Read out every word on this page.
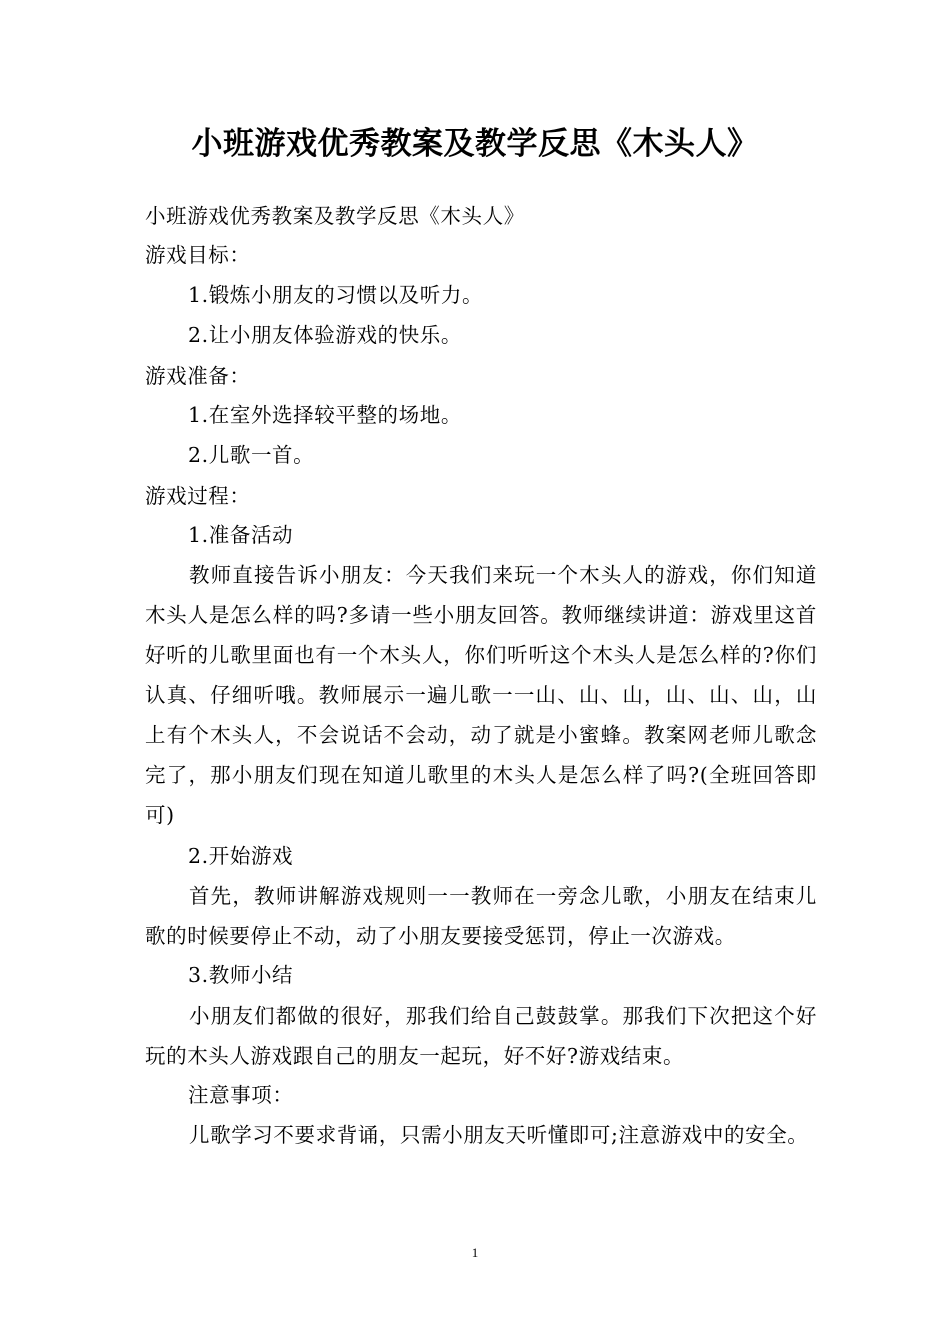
小班游戏优秀教案及教学反思《木头人》
小班游戏优秀教案及教学反思《木头人》
游戏目标：
1.锻炼小朋友的习惯以及听力。
2.让小朋友体验游戏的快乐。
游戏准备：
1.在室外选择较平整的场地。
2.儿歌一首。
游戏过程：
1.准备活动
教师直接告诉小朋友：今天我们来玩一个木头人的游戏，你们知道木头人是怎么样的吗?多请一些小朋友回答。教师继续讲道：游戏里这首好听的儿歌里面也有一个木头人，你们听听这个木头人是怎么样的?你们认真、仔细听哦。教师展示一遍儿歌一一山、山、山，山、山、山，山上有个木头人，不会说话不会动，动了就是小蜜蜂。教案网老师儿歌念完了，那小朋友们现在知道儿歌里的木头人是怎么样了吗?(全班回答即可)
2.开始游戏
首先，教师讲解游戏规则一一教师在一旁念儿歌，小朋友在结束儿歌的时候要停止不动，动了小朋友要接受惩罚，停止一次游戏。
3.教师小结
小朋友们都做的很好，那我们给自己鼓鼓掌。那我们下次把这个好玩的木头人游戏跟自己的朋友一起玩，好不好?游戏结束。
注意事项：
儿歌学习不要求背诵，只需小朋友天听懂即可;注意游戏中的安全。
1
